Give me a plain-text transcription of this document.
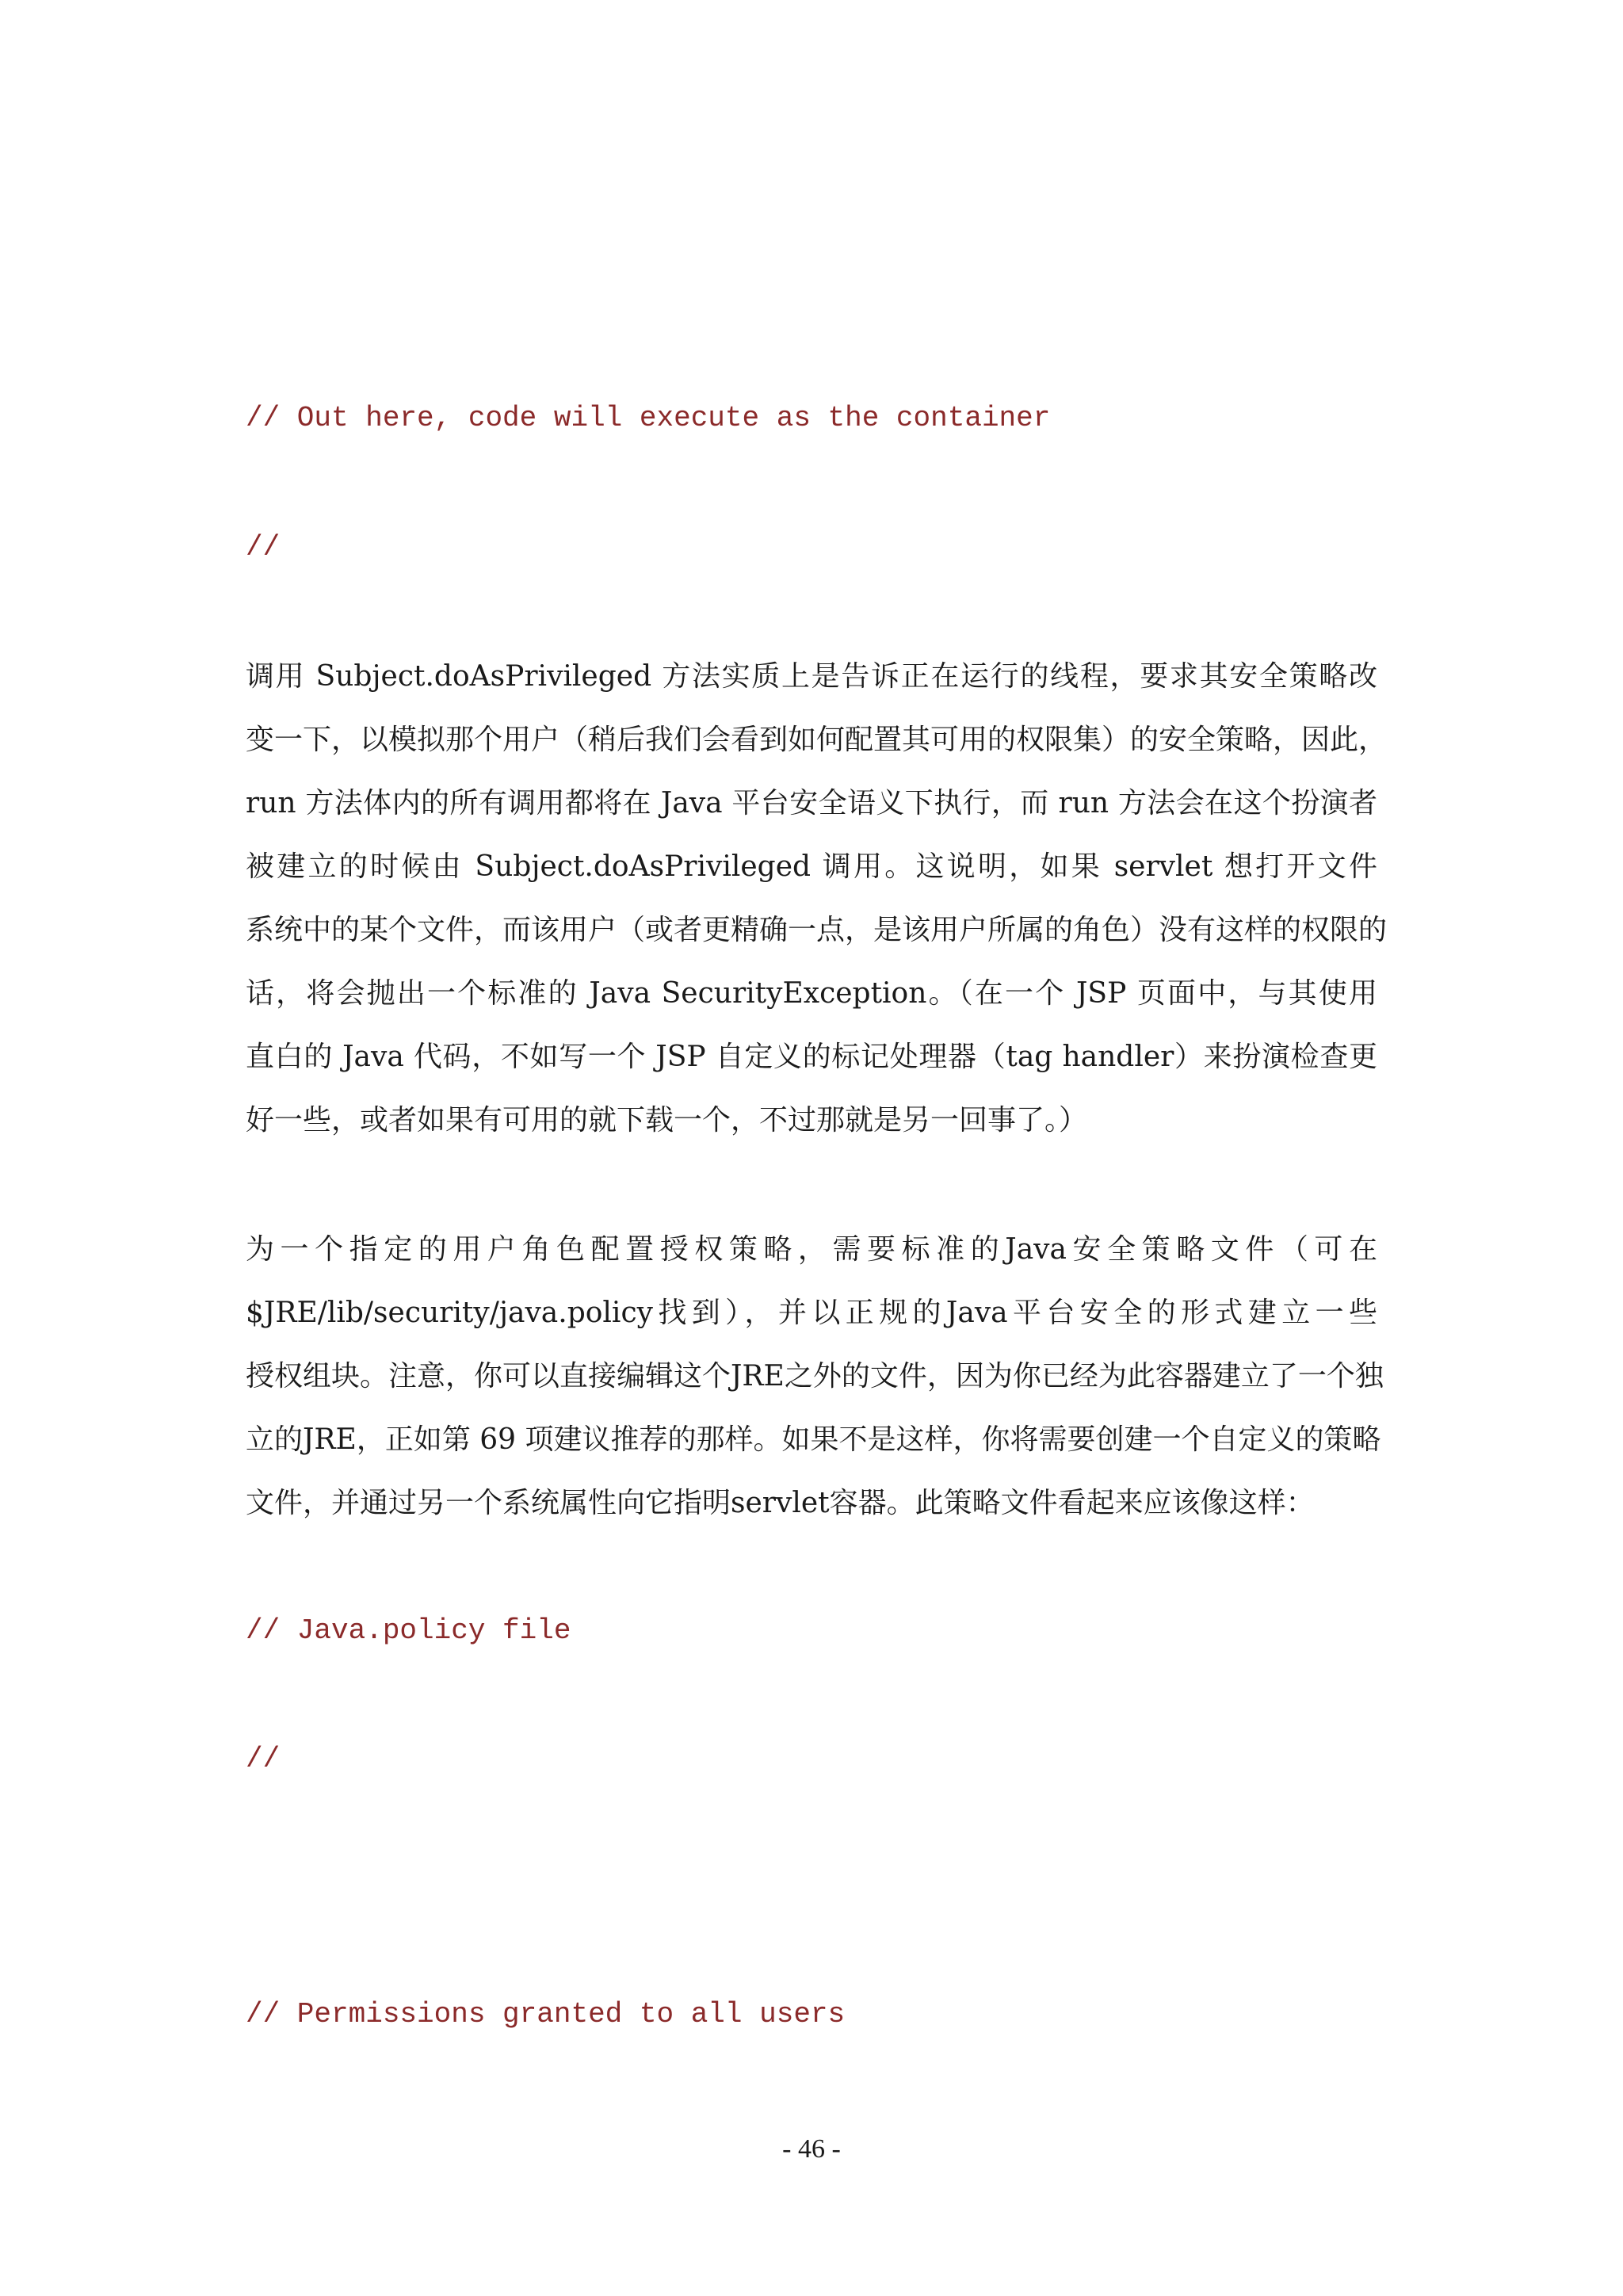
// Out here, code will execute as the container
//
调用 Subject.doAsPrivileged 方法实质上是告诉正在运行的线程，要求其安全策略改
变一下，以模拟那个用户（稍后我们会看到如何配置其可用的权限集）的安全策略，因此，
run 方法体内的所有调用都将在 Java 平台安全语义下执行，而 run 方法会在这个扮演者
被建立的时候由 Subject.doAsPrivileged 调用。这说明，如果 servlet 想打开文件
系统中的某个文件，而该用户（或者更精确一点，是该用户所属的角色）没有这样的权限的
话，将会抛出一个标准的 Java SecurityException。（在一个 JSP 页面中，与其使用
直白的 Java 代码，不如写一个 JSP 自定义的标记处理器（tag handler）来扮演检查更
好一些，或者如果有可用的就下载一个，不过那就是另一回事了。）
为一个指定的用户角色配置授权策略，需要标准的Java安全策略文件（可在
$JRE/lib/security/java.policy找到），并以正规的Java平台安全的形式建立一些
授权组块。注意，你可以直接编辑这个JRE之外的文件，因为你已经为此容器建立了一个独
立的JRE，正如第 69 项建议推荐的那样。如果不是这样，你将需要创建一个自定义的策略
文件，并通过另一个系统属性向它指明servlet容器。此策略文件看起来应该像这样：
// Java.policy file
//
// Permissions granted to all users
- 46 -
